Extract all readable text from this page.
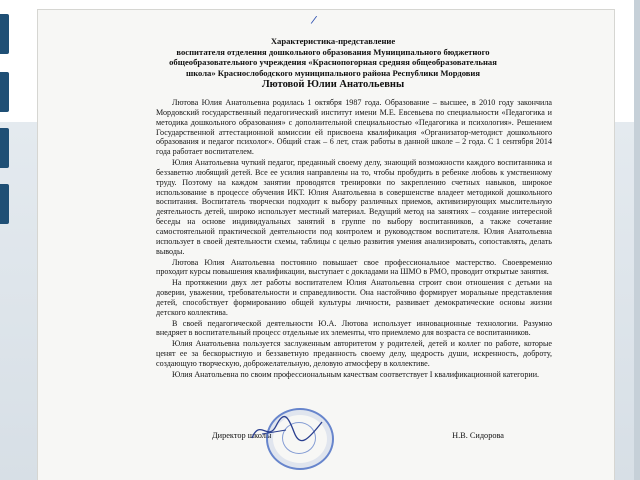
/
Характеристика-представление
воспитателя отделения дошкольного образования Муниципального бюджетного
общеобразовательного учреждения «Краснопогорная средняя общеобразовательная
школа» Краснослободского муниципального района Республики Мордовия
Лютовой Юлии Анатольевны

Лютова Юлия Анатольевна родилась 1 октября 1987 года. Образование – высшее, в 2010 году закончила Мордовский государственный педагогический институт имени М.Е. Евсевьева по специальности «Педагогика и методика дошкольного образования» с дополнительной специальностью «Педагогика и психология». Решением Государственной аттестационной комиссии ей присвоена квалификация «Организатор-методист дошкольного образования и педагог психолог». Общий стаж – 6 лет, стаж работы в данной школе – 2 года. С 1 сентября 2014 года работает воспитателем.

Юлия Анатольевна чуткий педагог, преданный своему делу, знающий возможности каждого воспитанника и беззаветно любящий детей. Все ее усилия направлены на то, чтобы пробудить в ребенке любовь к умственному труду. Поэтому на каждом занятии проводятся тренировки по закреплению счетных навыков, широкое использование в процессе обучения ИКТ. Юлия Анатольевна в совершенстве владеет методикой дошкольного воспитания. Воспитатель творчески подходит к выбору различных приемов, активизирующих мыслительную деятельность детей, широко использует местный материал. Ведущий метод на занятиях – создание интересной беседы на основе индивидуальных занятий в группе по выбору воспитанников, а также сочетание самостоятельной практической деятельности под контролем и руководством воспитателя. Юлия Анатольевна использует в своей деятельности схемы, таблицы с целью развития умения анализировать, сопоставлять, делать выводы.

Лютова Юлия Анатольевна постоянно повышает свое профессиональное мастерство. Своевременно проходит курсы повышения квалификации, выступает с докладами на ШМО в РМО, проводит открытые занятия.

На протяжении двух лет работы воспитателем Юлия Анатольевна строит свои отношения с детьми на доверии, уважении, требовательности и справедливости. Она настойчиво формирует моральные представления детей, способствует формированию общей культуры личности, развивает демократические основы жизни детского коллектива.

В своей педагогической деятельности Ю.А. Лютова использует инновационные технологии. Разумно внедряет в воспитательный процесс отдельные их элементы, что приемлемо для возраста се воспитанников.

Юлия Анатольевна пользуется заслуженным авторитетом у родителей, детей и коллег по работе, которые ценят ее за бескорыстную и беззаветную преданность своему делу, щедрость души, искренность, доброту, создающую творческую, доброжелательную, деловую атмосферу в коллективе.

Юлия Анатольевна по своим профессиональным качествам соответствует I квалификационной категории.

Директор школы	Н.В. Сидорова
